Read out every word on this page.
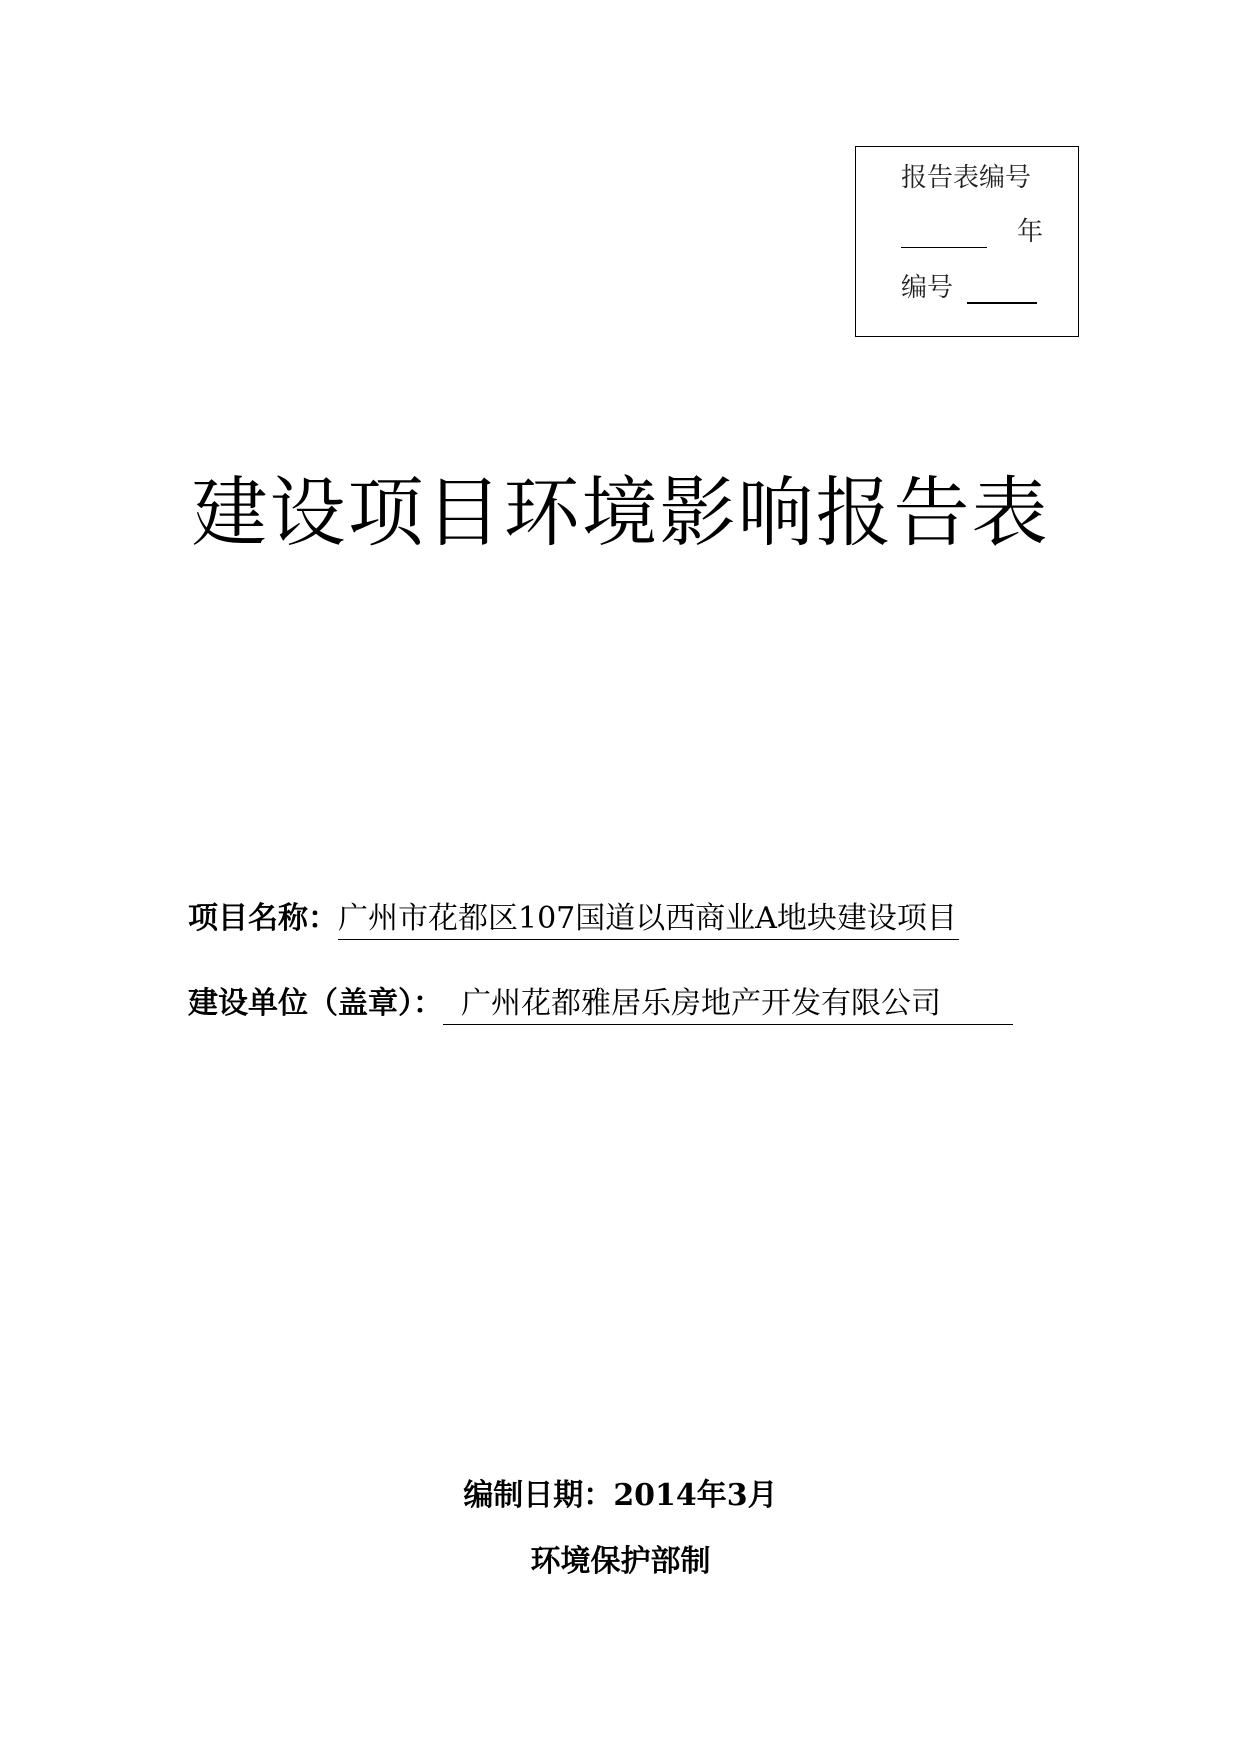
报告表编号
年
编号
建设项目环境影响报告表
项目名称：广州市花都区107国道以西商业A地块建设项目
建设单位（盖章）： 广州花都雅居乐房地产开发有限公司
编制日期：2014年3月
环境保护部制
